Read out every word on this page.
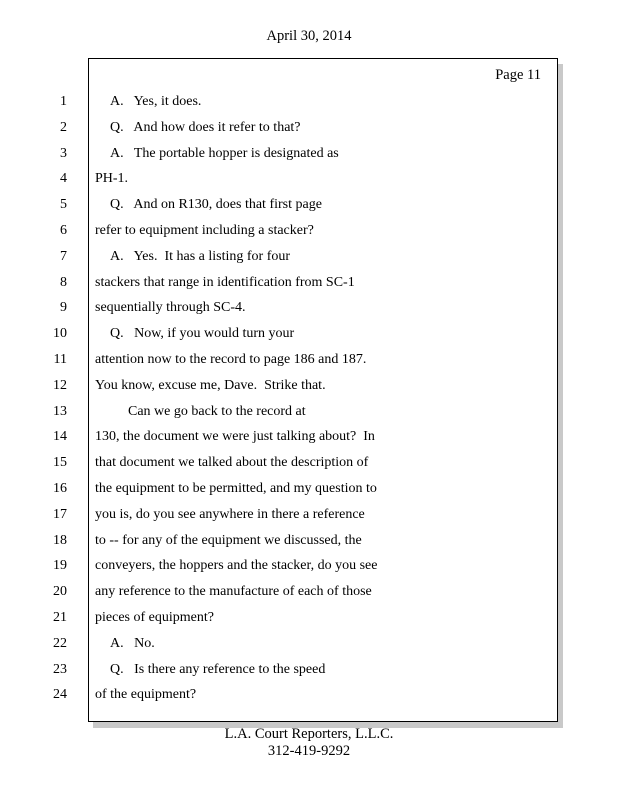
April 30, 2014
Page 11
1	A.   Yes, it does.
2	Q.   And how does it refer to that?
3	A.   The portable hopper is designated as
4 PH-1.
5	Q.   And on R130, does that first page
6 refer to equipment including a stacker?
7	A.   Yes.  It has a listing for four
8 stackers that range in identification from SC-1
9 sequentially through SC-4.
10	Q.   Now, if you would turn your
11 attention now to the record to page 186 and 187.
12 You know, excuse me, Dave.  Strike that.
13	Can we go back to the record at
14 130, the document we were just talking about?  In
15 that document we talked about the description of
16 the equipment to be permitted, and my question to
17 you is, do you see anywhere in there a reference
18 to -- for any of the equipment we discussed, the
19 conveyers, the hoppers and the stacker, do you see
20 any reference to the manufacture of each of those
21 pieces of equipment?
22	A.   No.
23	Q.   Is there any reference to the speed
24 of the equipment?
L.A. Court Reporters, L.L.C.
312-419-9292
